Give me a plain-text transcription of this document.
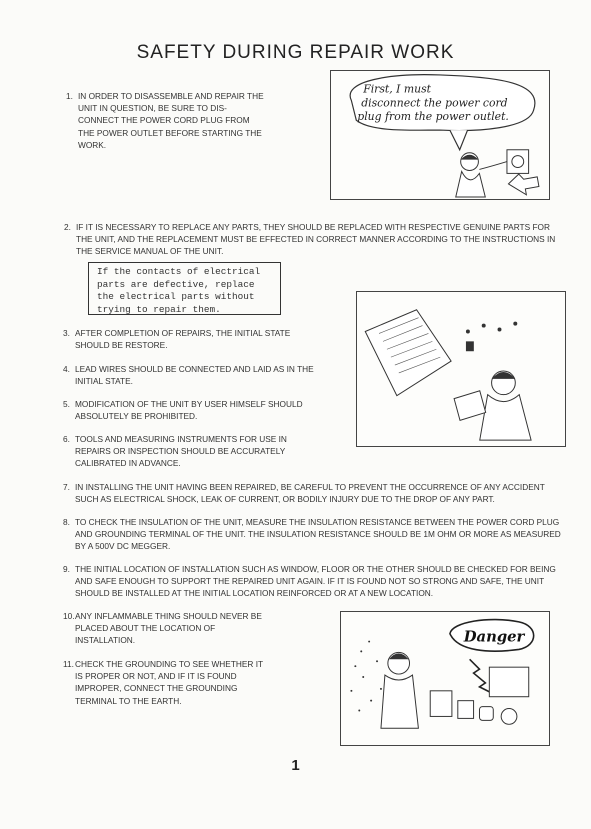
SAFETY DURING REPAIR WORK
1. IN ORDER TO DISASSEMBLE AND REPAIR THE UNIT IN QUESTION, BE SURE TO DIS- CONNECT THE POWER CORD PLUG FROM THE POWER OUTLET BEFORE STARTING THE WORK.
First, I must
disconnect the power cord
plug from the power outlet.
2. IF IT IS NECESSARY TO REPLACE ANY PARTS, THEY SHOULD BE REPLACED WITH RESPECTIVE GENUINE PARTS FOR THE UNIT, AND THE REPLACEMENT MUST BE EFFECTED IN CORRECT MANNER ACCORDING TO THE INSTRUCTIONS IN THE SERVICE MANUAL OF THE UNIT.
If the contacts of electrical parts are defective, replace the electrical parts without trying to repair them.
3. AFTER COMPLETION OF REPAIRS, THE INITIAL STATE SHOULD BE RESTORE.
4. LEAD WIRES SHOULD BE CONNECTED AND LAID AS IN THE INITIAL STATE.
5. MODIFICATION OF THE UNIT BY USER HIMSELF SHOULD ABSOLUTELY BE PROHIBITED.
6. TOOLS AND MEASURING INSTRUMENTS FOR USE IN REPAIRS OR INSPECTION SHOULD BE ACCURATELY CALIBRATED IN ADVANCE.
7. IN INSTALLING THE UNIT HAVING BEEN REPAIRED, BE CAREFUL TO PREVENT THE OCCURRENCE OF ANY ACCIDENT SUCH AS ELECTRICAL SHOCK, LEAK OF CURRENT, OR BODILY INJURY DUE TO THE DROP OF ANY PART.
8. TO CHECK THE INSULATION OF THE UNIT, MEASURE THE INSULATION RESISTANCE BETWEEN THE POWER CORD PLUG AND GROUNDING TERMINAL OF THE UNIT. THE INSULATION RESISTANCE SHOULD BE 1M OHM OR MORE AS MEASURED BY A 500V DC MEGGER.
9. THE INITIAL LOCATION OF INSTALLATION SUCH AS WINDOW, FLOOR OR THE OTHER SHOULD BE CHECKED FOR BEING AND SAFE ENOUGH TO SUPPORT THE REPAIRED UNIT AGAIN. IF IT IS FOUND NOT SO STRONG AND SAFE, THE UNIT SHOULD BE INSTALLED AT THE INITIAL LOCATION REINFORCED OR AT A NEW LOCATION.
10. ANY INFLAMMABLE THING SHOULD NEVER BE PLACED ABOUT THE LOCATION OF INSTALLATION.
11. CHECK THE GROUNDING TO SEE WHETHER IT IS PROPER OR NOT, AND IF IT IS FOUND IMPROPER, CONNECT THE GROUNDING TERMINAL TO THE EARTH.
Danger
1
